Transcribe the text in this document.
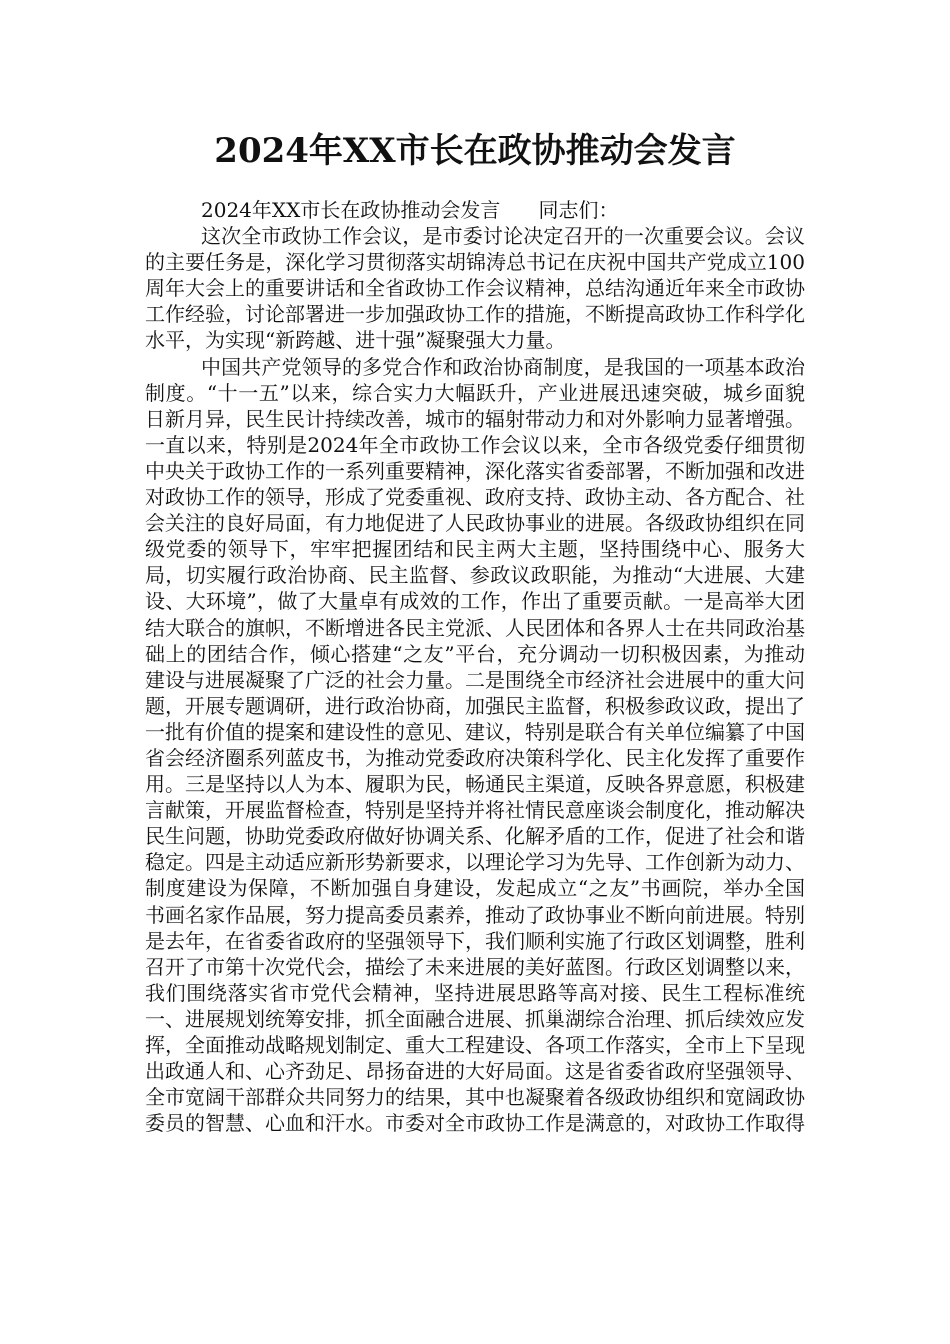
2024年XX市长在政协推动会发言

2024年XX市长在政协推动会发言 同志们：

这次全市政协工作会议，是市委讨论决定召开的一次重要会议。会议的主要任务是，深化学习贯彻落实胡锦涛总书记在庆祝中国共产党成立100周年大会上的重要讲话和全省政协工作会议精神，总结沟通近年来全市政协工作经验，讨论部署进一步加强政协工作的措施，不断提高政协工作科学化水平，为实现“新跨越、进十强”凝聚强大力量。

中国共产党领导的多党合作和政治协商制度，是我国的一项基本政治制度。“十一五”以来，综合实力大幅跃升，产业进展迅速突破，城乡面貌日新月异，民生民计持续改善，城市的辐射带动力和对外影响力显著增强。一直以来，特别是2024年全市政协工作会议以来，全市各级党委仔细贯彻中央关于政协工作的一系列重要精神，深化落实省委部署，不断加强和改进对政协工作的领导，形成了党委重视、政府支持、政协主动、各方配合、社会关注的良好局面，有力地促进了人民政协事业的进展。各级政协组织在同级党委的领导下，牢牢把握团结和民主两大主题，坚持围绕中心、服务大局，切实履行政治协商、民主监督、参政议政职能，为推动“大进展、大建设、大环境”，做了大量卓有成效的工作，作出了重要贡献。一是高举大团结大联合的旗帜，不断增进各民主党派、人民团体和各界人士在共同政治基础上的团结合作，倾心搭建“之友”平台，充分调动一切积极因素，为推动建设与进展凝聚了广泛的社会力量。二是围绕全市经济社会进展中的重大问题，开展专题调研，进行政治协商，加强民主监督，积极参政议政，提出了一批有价值的提案和建设性的意见、建议，特别是联合有关单位编纂了中国省会经济圈系列蓝皮书，为推动党委政府决策科学化、民主化发挥了重要作用。三是坚持以人为本、履职为民，畅通民主渠道，反映各界意愿，积极建言献策，开展监督检查，特别是坚持并将社情民意座谈会制度化，推动解决民生问题，协助党委政府做好协调关系、化解矛盾的工作，促进了社会和谐稳定。四是主动适应新形势新要求，以理论学习为先导、工作创新为动力、制度建设为保障，不断加强自身建设，发起成立“之友”书画院，举办全国书画名家作品展，努力提高委员素养，推动了政协事业不断向前进展。特别是去年，在省委省政府的坚强领导下，我们顺利实施了行政区划调整，胜利召开了市第十次党代会，描绘了未来进展的美好蓝图。行政区划调整以来，我们围绕落实省市党代会精神，坚持进展思路等高对接、民生工程标准统一、进展规划统筹安排，抓全面融合进展、抓巢湖综合治理、抓后续效应发挥，全面推动战略规划制定、重大工程建设、各项工作落实，全市上下呈现出政通人和、心齐劲足、昂扬奋进的大好局面。这是省委省政府坚强领导、全市宽阔干部群众共同努力的结果，其中也凝聚着各级政协组织和宽阔政协委员的智慧、心血和汗水。市委对全市政协工作是满意的，对政协工作取得
